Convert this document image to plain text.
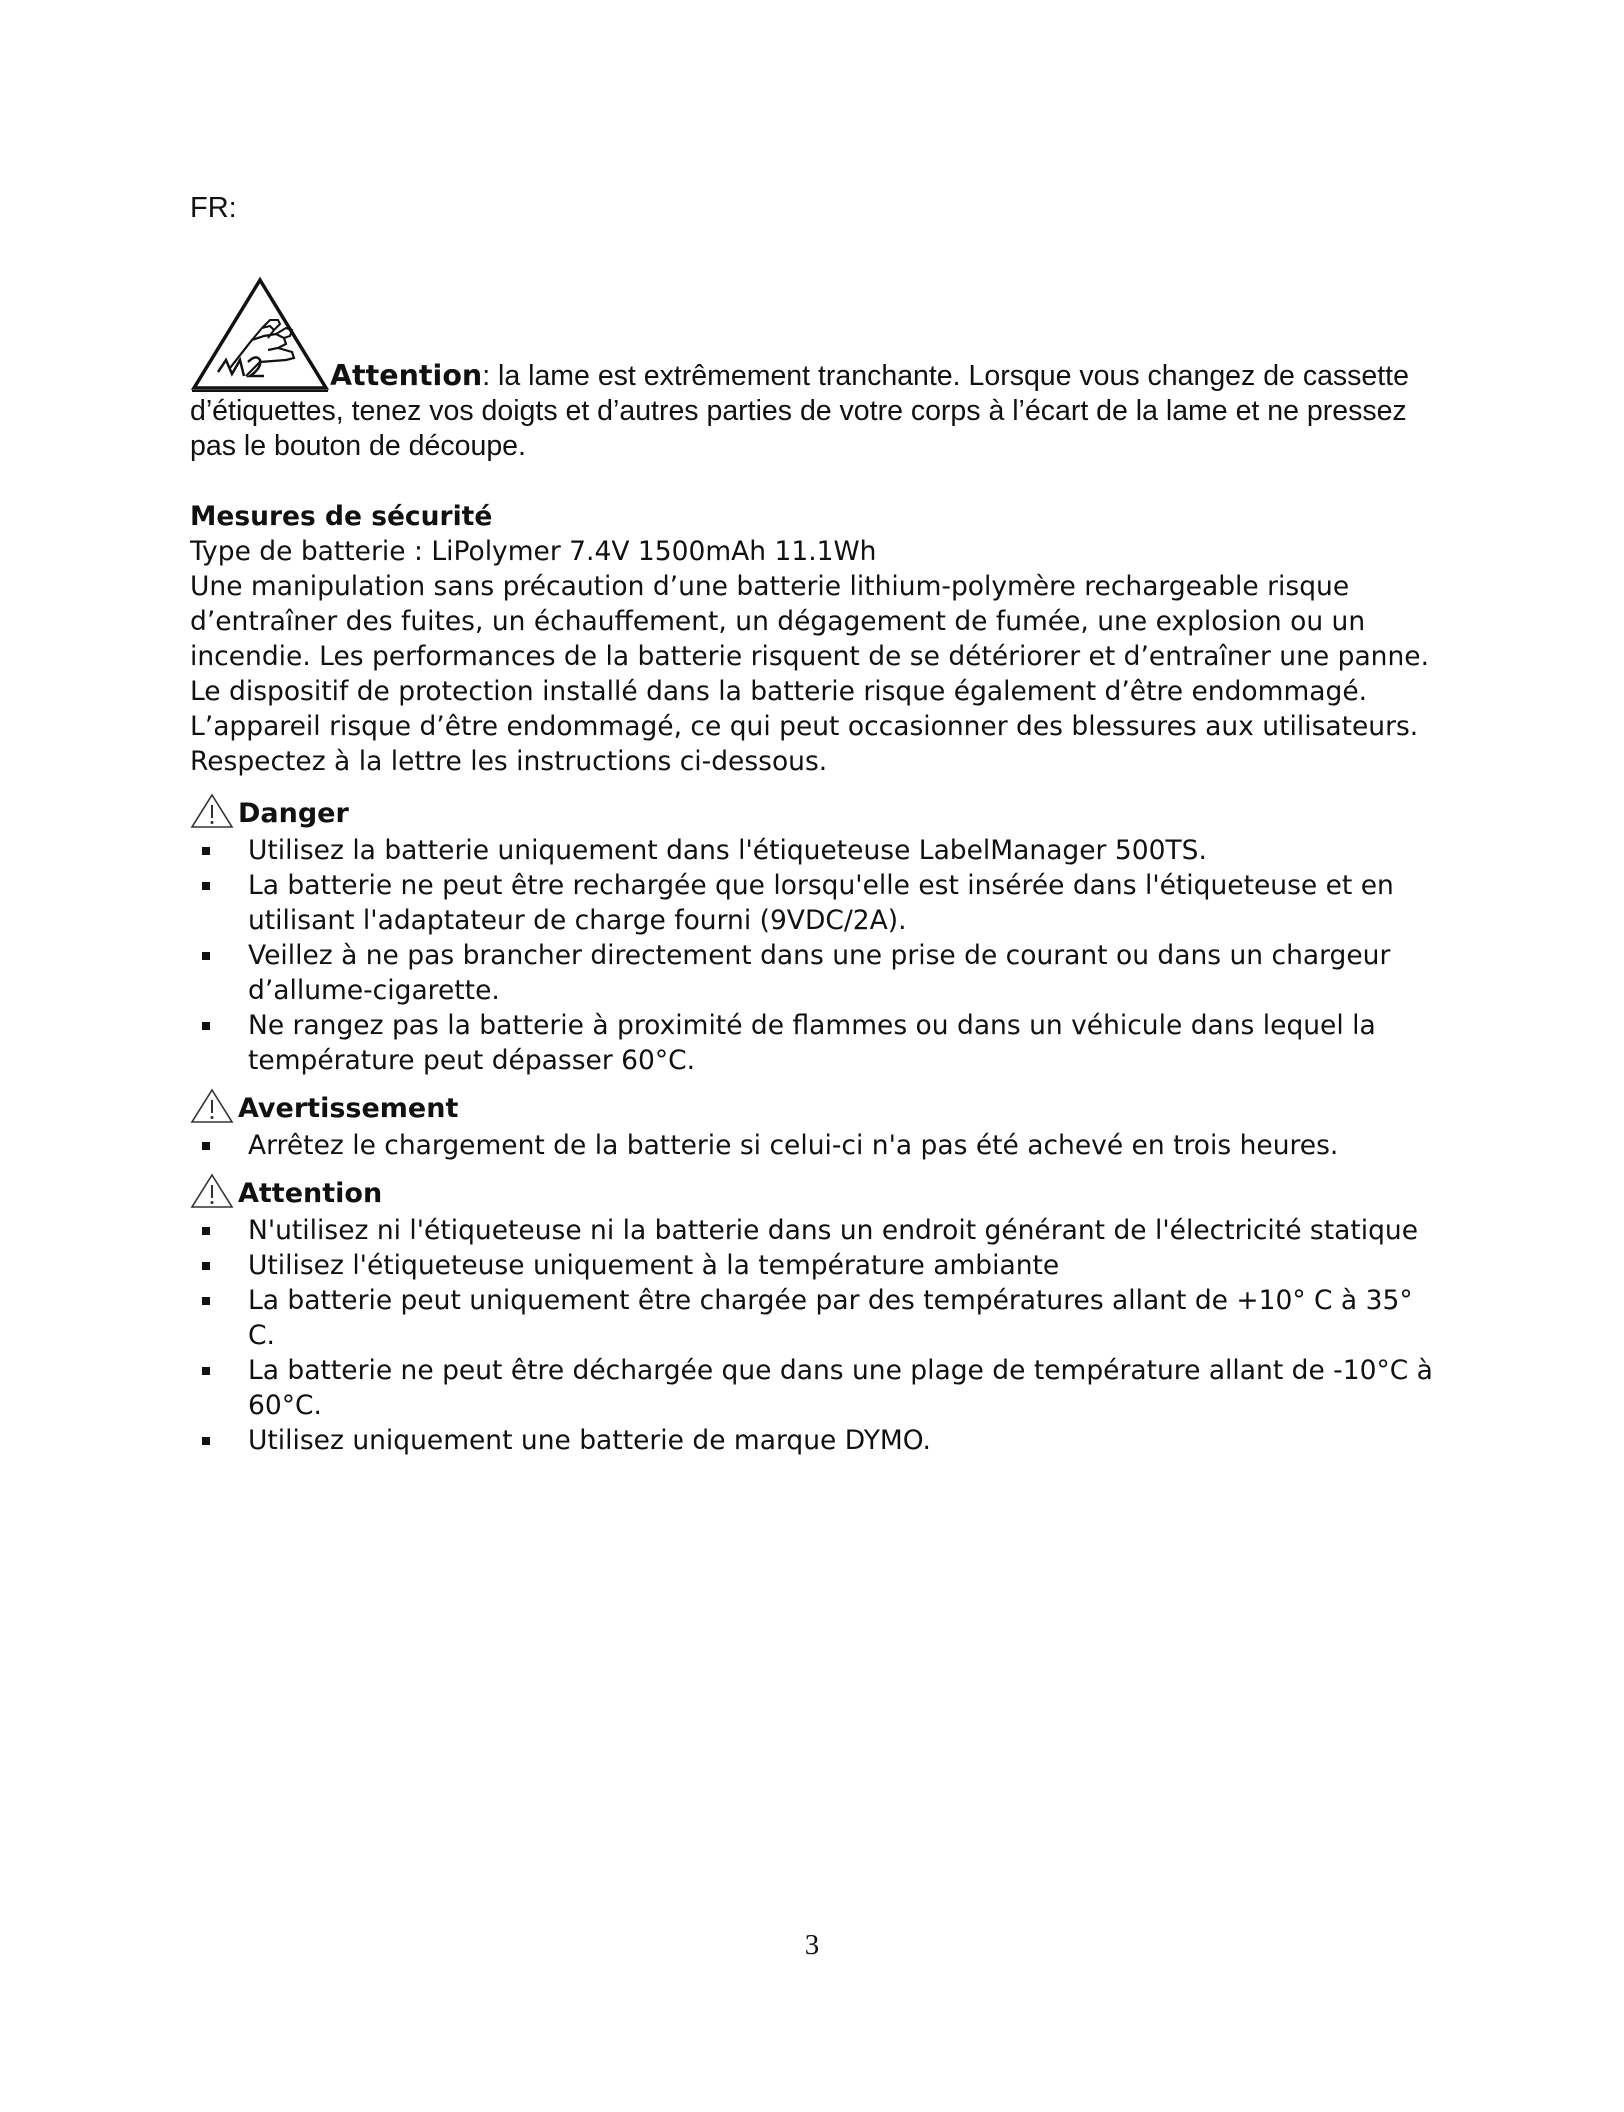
FR:

Attention: la lame est extrêmement tranchante. Lorsque vous changez de cassette d’étiquettes, tenez vos doigts et d’autres parties de votre corps à l’écart de la lame et ne pressez pas le bouton de découpe.

Mesures de sécurité

Type de batterie : LiPolymer 7.4V 1500mAh 11.1Wh

Une manipulation sans précaution d’une batterie lithium-polymère rechargeable risque d’entraîner des fuites, un échauffement, un dégagement de fumée, une explosion ou un incendie. Les performances de la batterie risquent de se détériorer et d’entraîner une panne. Le dispositif de protection installé dans la batterie risque également d’être endommagé. L’appareil risque d’être endommagé, ce qui peut occasionner des blessures aux utilisateurs. Respectez à la lettre les instructions ci-dessous.

Danger
Utilisez la batterie uniquement dans l'étiqueteuse LabelManager 500TS.
La batterie ne peut être rechargée que lorsqu'elle est insérée dans l'étiqueteuse et en utilisant l'adaptateur de charge fourni (9VDC/2A).
Veillez à ne pas brancher directement dans une prise de courant ou dans un chargeur d’allume-cigarette.
Ne rangez pas la batterie à proximité de flammes ou dans un véhicule dans lequel la température peut dépasser 60°C.
Avertissement
Arrêtez le chargement de la batterie si celui-ci n'a pas été achevé en trois heures.
Attention
N'utilisez ni l'étiqueteuse ni la batterie dans un endroit générant de l'électricité statique
Utilisez l'étiqueteuse uniquement à la température ambiante
La batterie peut uniquement être chargée par des températures allant de +10° C à 35° C.
La batterie ne peut être déchargée que dans une plage de température allant de -10°C à 60°C.
Utilisez uniquement une batterie de marque DYMO.
3
